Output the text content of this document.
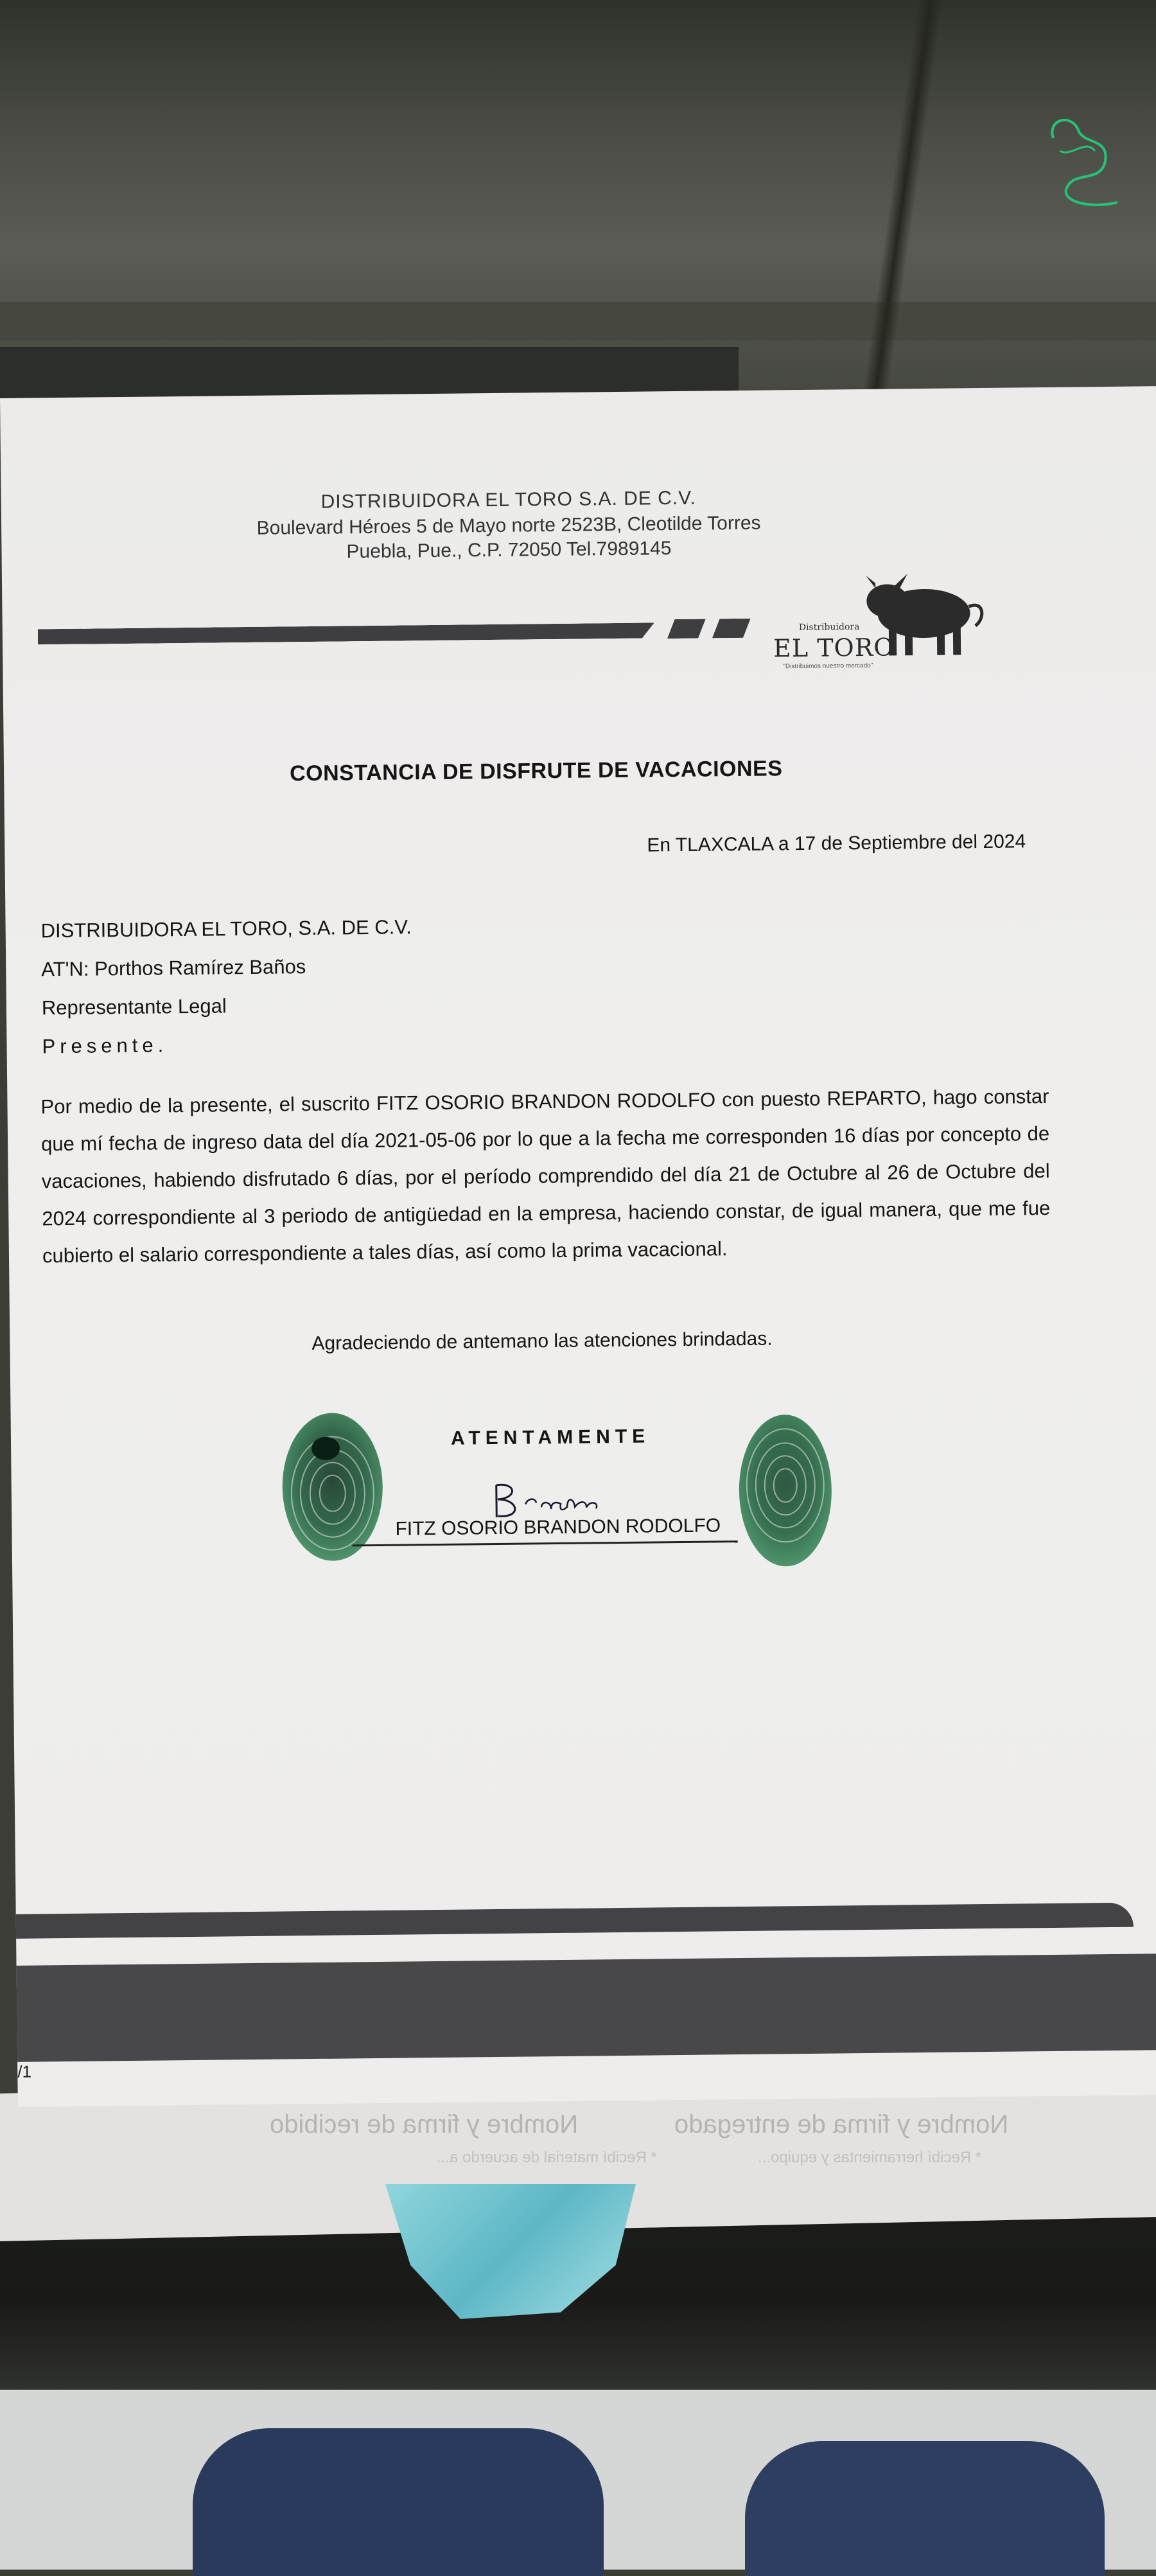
Nombre y firma de recibido	Nombre y firma de entregado
* Recibí material de acuerdo a...	* Recibí herramientas y equipo...
DISTRIBUIDORA EL TORO S.A. DE C.V.
Boulevard Héroes 5 de Mayo norte 2523B, Cleotilde Torres
Puebla, Pue., C.P. 72050 Tel.7989145
Distribuidora
EL TORO
"Distribuimos nuestro mercado"
CONSTANCIA DE DISFRUTE DE VACACIONES
En TLAXCALA a 17 de Septiembre del 2024
DISTRIBUIDORA EL TORO, S.A. DE C.V.
AT'N: Porthos Ramírez Baños
Representante Legal
Presente.
Por medio de la presente, el suscrito FITZ OSORIO BRANDON RODOLFO con puesto REPARTO, hago constar que mí fecha de ingreso data del día 2021-05-06 por lo que a la fecha me corresponden 16 días por concepto de vacaciones, habiendo disfrutado 6 días, por el período comprendido del día 21 de Octubre al 26 de Octubre del 2024 correspondiente al 3 periodo de antigüedad en la empresa, haciendo constar, de igual manera, que me fue cubierto el salario correspondiente a tales días, así como la prima vacacional.
Agradeciendo de antemano las atenciones brindadas.
ATENTAMENTE
FITZ OSORIO BRANDON RODOLFO
/1
